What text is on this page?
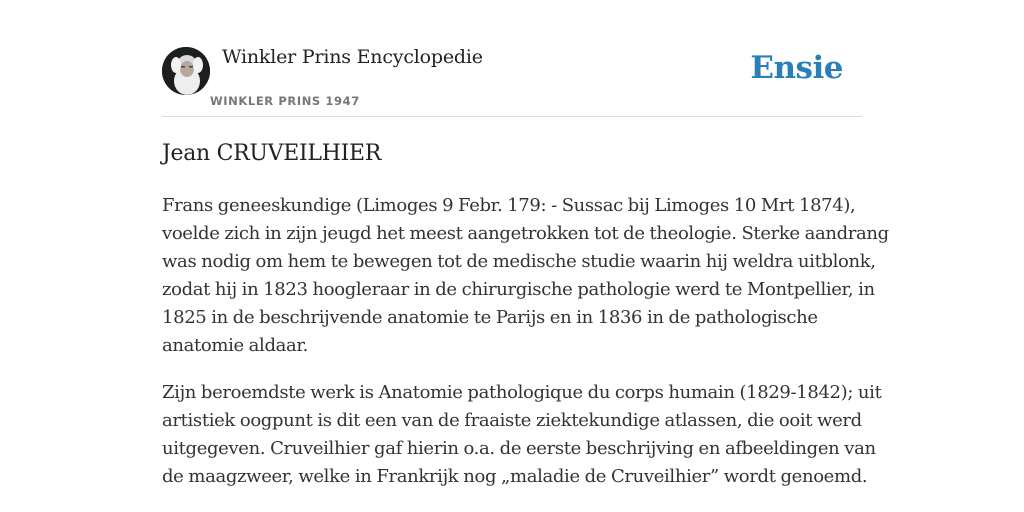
Winkler Prins Encyclopedie
WINKLER PRINS 1947
Ensie
Jean CRUVEILHIER

Frans geneeskundige (Limoges 9 Febr. 179: - Sussac bij Limoges 10 Mrt 1874),
voelde zich in zijn jeugd het meest aangetrokken tot de theologie. Sterke aandrang
was nodig om hem te bewegen tot de medische studie waarin hij weldra uitblonk,
zodat hij in 1823 hoogleraar in de chirurgische pathologie werd te Montpellier, in
1825 in de beschrijvende anatomie te Parijs en in 1836 in de pathologische
anatomie aldaar.

Zijn beroemdste werk is Anatomie pathologique du corps humain (1829-1842); uit
artistiek oogpunt is dit een van de fraaiste ziektekundige atlassen, die ooit werd
uitgegeven. Cruveilhier gaf hierin o.a. de eerste beschrijving en afbeeldingen van
de maagzweer, welke in Frankrijk nog „maladie de Cruveilhier” wordt genoemd.
